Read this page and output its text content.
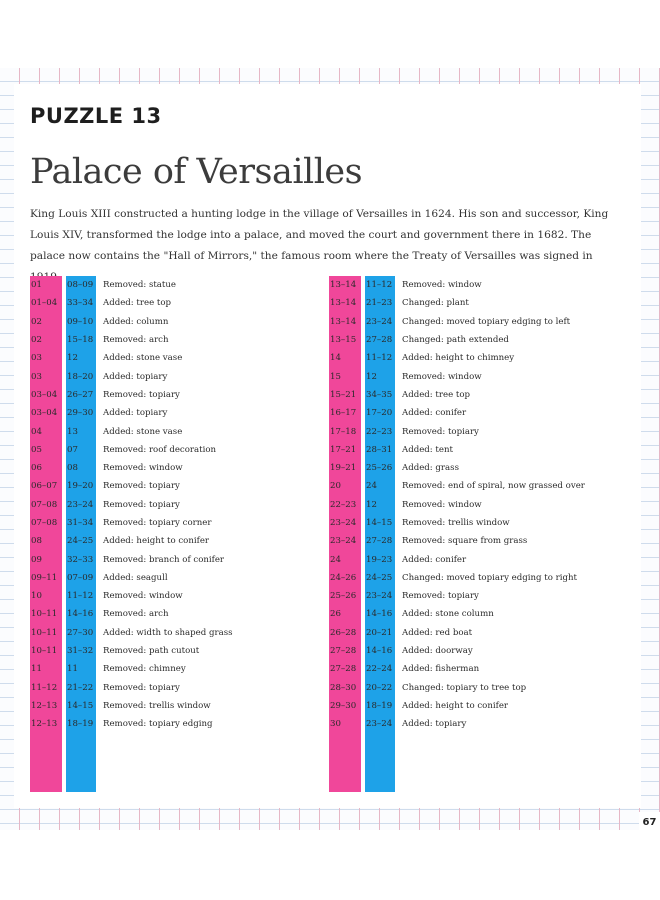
PUZZLE 13
Palace of Versailles
King Louis XIII constructed a hunting lodge in the village of Versailles in 1624. His son and successor, King Louis XIV, transformed the lodge into a palace, and moved the court and government there in 1682. The palace now contains the "Hall of Mirrors," the famous room where the Treaty of Versailles was signed in
01	08–09	Removed: statue
01–04	33–34	Added: tree top
02	09–10	Added: column
02	15–18	Removed: arch
03	12	Added: stone vase
03	18–20	Added: topiary
03–04	26–27	Removed: topiary
03–04	29–30	Added: topiary
04	13	Added: stone vase
05	07	Removed: roof decoration
06	08	Removed: window
06–07	19–20	Removed: topiary
07–08	23–24	Removed: topiary
07–08	31–34	Removed: topiary corner
08	24–25	Added: height to conifer
09	32–33	Removed: branch of conifer
09–11	07–09	Added: seagull
10	11–12	Removed: window
10–11	14–16	Removed: arch
10–11	27–30	Added: width to shaped grass
10–11	31–32	Removed: path cutout
11	11	Removed: chimney
11–12	21–22	Removed: topiary
12–13	14–15	Removed: trellis window
12–13	18–19	Removed: topiary edging
13–14	11–12	Removed: window
13–14	21–23	Changed: plant
13–14	23–24	Changed: moved topiary edging to left
13–15	27–28	Changed: path extended
14	11–12	Added: height to chimney
15	12	Removed: window
15–21	34–35	Added: tree top
16–17	17–20	Added: conifer
17–18	22–23	Removed: topiary
17–21	28–31	Added: tent
19–21	25–26	Added: grass
20	24	Removed: end of spiral, now grassed over
22–23	12	Removed: window
23–24	14–15	Removed: trellis window
23–24	27–28	Removed: square from grass
24	19–23	Added: conifer
24–26	24–25	Changed: moved topiary edging to right
25–26	23–24	Removed: topiary
26	14–16	Added: stone column
26–28	20–21	Added: red boat
27–28	14–16	Added: doorway
27–28	22–24	Added: fisherman
28–30	20–22	Changed: topiary to tree top
29–30	18–19	Added: height to conifer
30	23–24	Added: topiary
67
